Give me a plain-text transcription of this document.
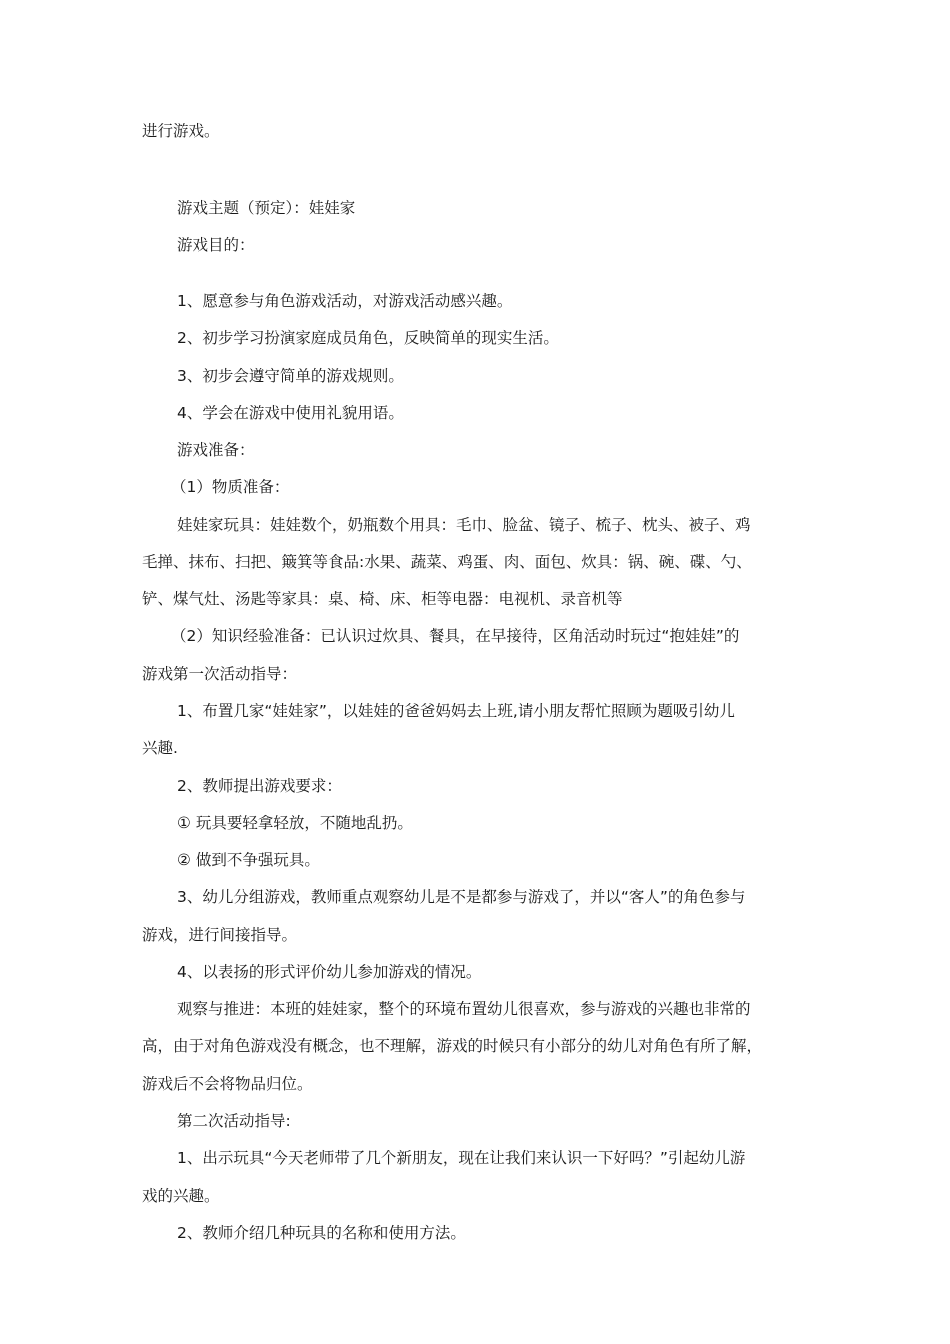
进行游戏。
游戏主题（预定）：娃娃家
游戏目的：
1、愿意参与角色游戏活动，对游戏活动感兴趣。
2、初步学习扮演家庭成员角色，反映简单的现实生活。
3、初步会遵守简单的游戏规则。
4、学会在游戏中使用礼貌用语。
游戏准备：
（1）物质准备：
娃娃家玩具：娃娃数个，奶瓶数个用具：毛巾、脸盆、镜子、梳子、枕头、被子、鸡
毛掸、抹布、扫把、簸箕等食品:水果、蔬菜、鸡蛋、肉、面包、炊具：锅、碗、碟、勺、
铲、煤气灶、汤匙等家具：桌、椅、床、柜等电器：电视机、录音机等
（2）知识经验准备：已认识过炊具、餐具，在早接待，区角活动时玩过“抱娃娃”的
游戏第一次活动指导：
1、布置几家“娃娃家”，以娃娃的爸爸妈妈去上班,请小朋友帮忙照顾为题吸引幼儿
兴趣.
2、教师提出游戏要求：
① 玩具要轻拿轻放，不随地乱扔。
② 做到不争强玩具。
3、幼儿分组游戏，教师重点观察幼儿是不是都参与游戏了，并以“客人”的角色参与
游戏，进行间接指导。
4、以表扬的形式评价幼儿参加游戏的情况。
观察与推进：本班的娃娃家，整个的环境布置幼儿很喜欢，参与游戏的兴趣也非常的
高，由于对角色游戏没有概念，也不理解，游戏的时候只有小部分的幼儿对角色有所了解，
游戏后不会将物品归位。
第二次活动指导:
1、出示玩具“今天老师带了几个新朋友，现在让我们来认识一下好吗？”引起幼儿游
戏的兴趣。
2、教师介绍几种玩具的名称和使用方法。
